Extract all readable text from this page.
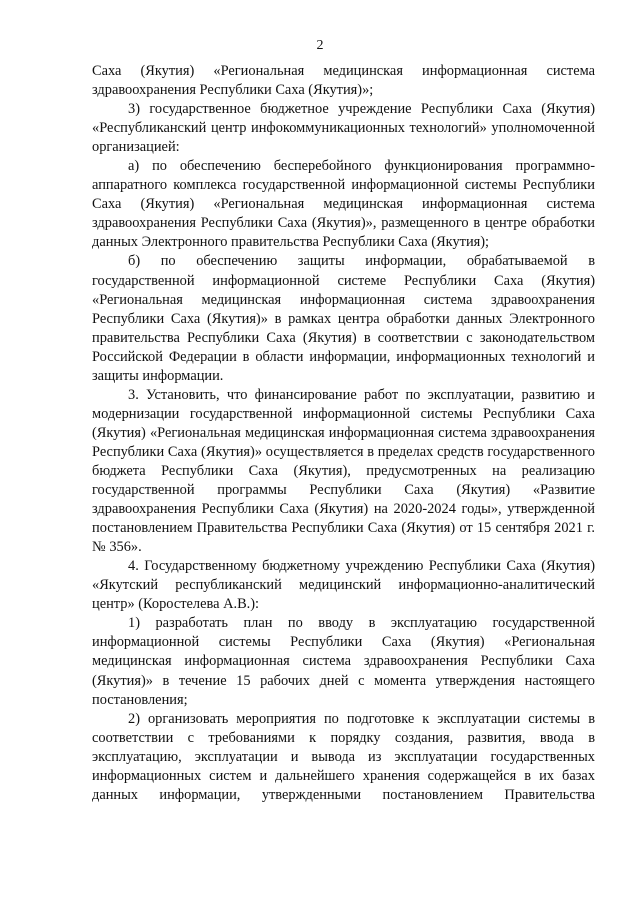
2

Саха (Якутия) «Региональная медицинская информационная система здравоохранения Республики Саха (Якутия)»;

3) государственное бюджетное учреждение Республики Саха (Якутия) «Республиканский центр инфокоммуникационных технологий» уполномоченной организацией:

а) по обеспечению бесперебойного функционирования программно-аппаратного комплекса государственной информационной системы Республики Саха (Якутия) «Региональная медицинская информационная система здравоохранения Республики Саха (Якутия)», размещенного в центре обработки данных Электронного правительства Республики Саха (Якутия);

б) по обеспечению защиты информации, обрабатываемой в государственной информационной системе Республики Саха (Якутия) «Региональная медицинская информационная система здравоохранения Республики Саха (Якутия)» в рамках центра обработки данных Электронного правительства Республики Саха (Якутия) в соответствии с законодательством Российской Федерации в области информации, информационных технологий и защиты информации.

3. Установить, что финансирование работ по эксплуатации, развитию и модернизации государственной информационной системы Республики Саха (Якутия) «Региональная медицинская информационная система здравоохранения Республики Саха (Якутия)» осуществляется в пределах средств государственного бюджета Республики Саха (Якутия), предусмотренных на реализацию государственной программы Республики Саха (Якутия) «Развитие здравоохранения Республики Саха (Якутия) на 2020-2024 годы», утвержденной постановлением Правительства Республики Саха (Якутия) от 15 сентября 2021 г. № 356».

4. Государственному бюджетному учреждению Республики Саха (Якутия) «Якутский республиканский медицинский информационно-аналитический центр» (Коростелева А.В.):

1) разработать план по вводу в эксплуатацию государственной информационной системы Республики Саха (Якутия) «Региональная медицинская информационная система здравоохранения Республики Саха (Якутия)» в течение 15 рабочих дней с момента утверждения настоящего постановления;

2) организовать мероприятия по подготовке к эксплуатации системы в соответствии с требованиями к порядку создания, развития, ввода в эксплуатацию, эксплуатации и вывода из эксплуатации государственных информационных систем и дальнейшего хранения содержащейся в их базах данных информации, утвержденными постановлением Правительства
